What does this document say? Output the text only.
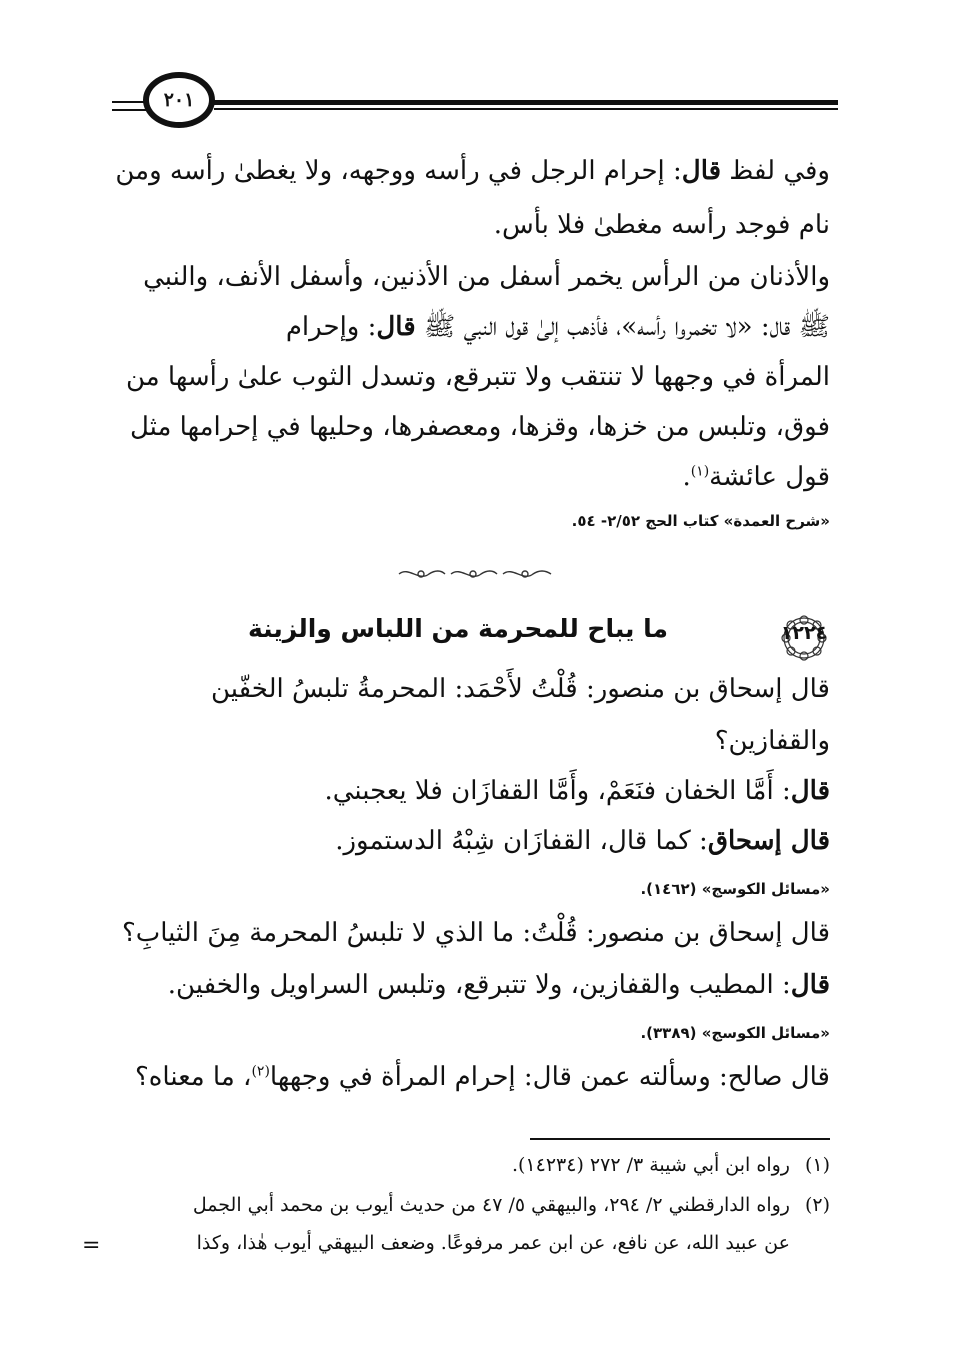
٢٠١
وفي لفظ قال: إحرام الرجل في رأسه ووجهه، ولا يغطىٰ رأسه ومن
نام فوجد رأسه مغطىٰ فلا بأس.
والأذنان من الرأس يخمر أسفل من الأذنين، وأسفل الأنف، والنبي
ﷺ قال: «لا تخمروا رأسه»، فأذهب إلىٰ قول النبي ﷺ قال: وإحرام
المرأة في وجهها لا تنتقب ولا تتبرقع، وتسدل الثوب علىٰ رأسها من
فوق، وتلبس من خزها، وقزها، ومعصفرها، وحليها في إحرامها مثل
قول عائشة$^{(١)}$.
«شرح العمدة» كتاب الحج ٢/٥٢- ٥٤.
١٢٢٤
ما يباح للمحرمة من اللباس والزينة
قال إسحاق بن منصور: قُلْتُ لأَحْمَد: المحرمةُ تلبسُ الخفّين
والقفازين؟
قال: أَمَّا الخفان فنَعَمْ، وأَمَّا القفازَان فلا يعجبني.
قال إسحاق: كما قال، القفازَان شِبْهُ الدستموز.
«مسائل الكوسج» (١٤٦٢).
قال إسحاق بن منصور: قُلْتُ: ما الذي لا تلبسُ المحرمة مِنَ الثيابِ؟
قال: المطيب والقفازين، ولا تتبرقع، وتلبس السراويل والخفين.
«مسائل الكوسج» (٣٣٨٩).
قال صالح: وسألته عمن قال: إحرام المرأة في وجهها$^{(٢)}$، ما معناه؟
(١) رواه ابن أبي شيبة ٣/ ٢٧٢ (١٤٢٣٤).
(٢) رواه الدارقطني ٢/ ٢٩٤، والبيهقي ٥/ ٤٧ من حديث أيوب بن محمد أبي الجمل
عن عبيد الله، عن نافع، عن ابن عمر مرفوعًا. وضعف البيهقي أيوب هٰذا، وكذا
=
